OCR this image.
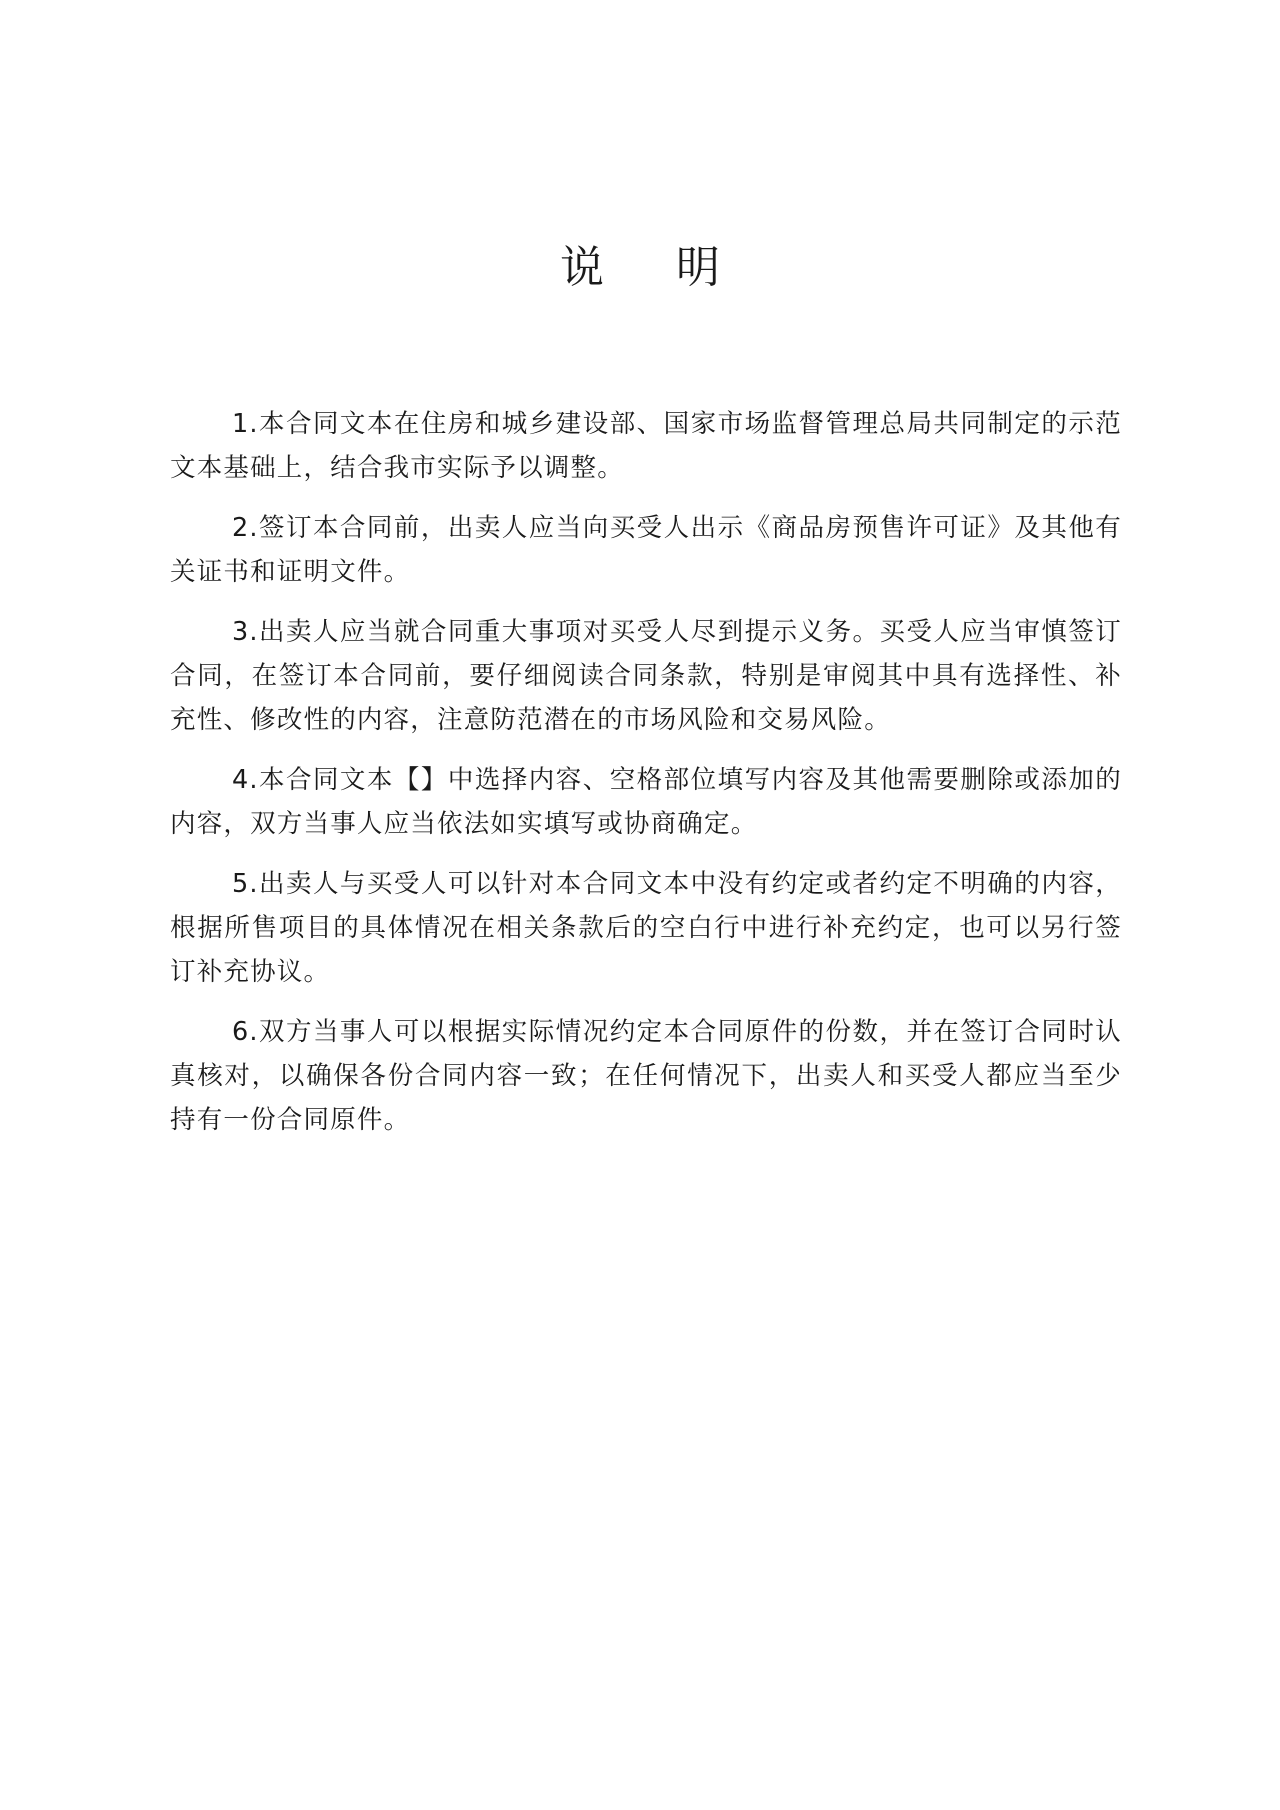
说明

1.本合同文本在住房和城乡建设部、国家市场监督管理总局共同制定的示范文本基础上，结合我市实际予以调整。

2.签订本合同前，出卖人应当向买受人出示《商品房预售许可证》及其他有关证书和证明文件。

3.出卖人应当就合同重大事项对买受人尽到提示义务。买受人应当审慎签订合同，在签订本合同前，要仔细阅读合同条款，特别是审阅其中具有选择性、补充性、修改性的内容，注意防范潜在的市场风险和交易风险。

4.本合同文本【】中选择内容、空格部位填写内容及其他需要删除或添加的内容，双方当事人应当依法如实填写或协商确定。

5.出卖人与买受人可以针对本合同文本中没有约定或者约定不明确的内容，根据所售项目的具体情况在相关条款后的空白行中进行补充约定，也可以另行签订补充协议。

6.双方当事人可以根据实际情况约定本合同原件的份数，并在签订合同时认真核对，以确保各份合同内容一致；在任何情况下，出卖人和买受人都应当至少持有一份合同原件。
